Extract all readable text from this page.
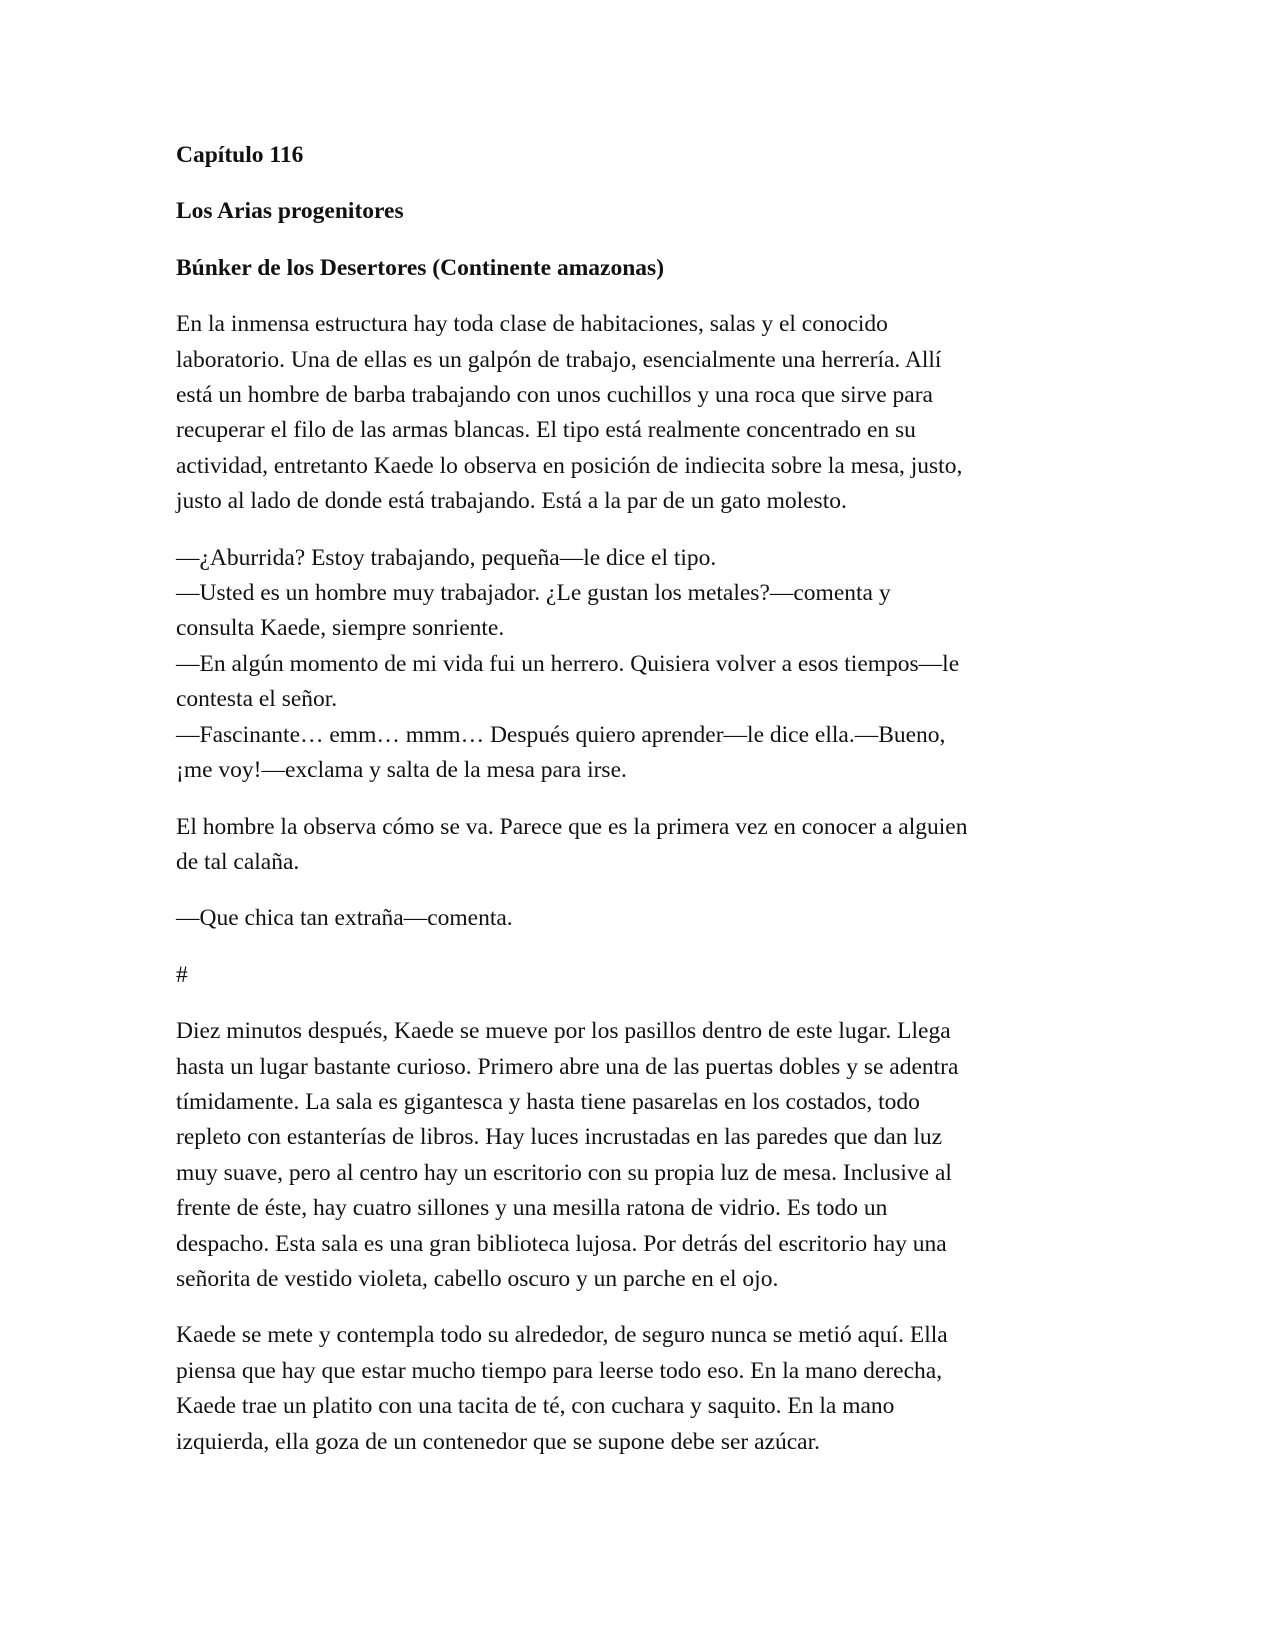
Capítulo 116
Los Arias progenitores
Búnker de los Desertores (Continente amazonas)
En la inmensa estructura hay toda clase de habitaciones, salas y el conocido
laboratorio. Una de ellas es un galpón de trabajo, esencialmente una herrería. Allí
está un hombre de barba trabajando con unos cuchillos y una roca que sirve para
recuperar el filo de las armas blancas. El tipo está realmente concentrado en su
actividad, entretanto Kaede lo observa en posición de indiecita sobre la mesa, justo,
justo al lado de donde está trabajando. Está a la par de un gato molesto.
—¿Aburrida? Estoy trabajando, pequeña—le dice el tipo.
—Usted es un hombre muy trabajador. ¿Le gustan los metales?—comenta y
consulta Kaede, siempre sonriente.
—En algún momento de mi vida fui un herrero. Quisiera volver a esos tiempos—le
contesta el señor.
—Fascinante… emm… mmm… Después quiero aprender—le dice ella.—Bueno,
¡me voy!—exclama y salta de la mesa para irse.
El hombre la observa cómo se va. Parece que es la primera vez en conocer a alguien
de tal calaña.
—Que chica tan extraña—comenta.
#
Diez minutos después, Kaede se mueve por los pasillos dentro de este lugar. Llega
hasta un lugar bastante curioso. Primero abre una de las puertas dobles y se adentra
tímidamente. La sala es gigantesca y hasta tiene pasarelas en los costados, todo
repleto con estanterías de libros. Hay luces incrustadas en las paredes que dan luz
muy suave, pero al centro hay un escritorio con su propia luz de mesa. Inclusive al
frente de éste, hay cuatro sillones y una mesilla ratona de vidrio. Es todo un
despacho. Esta sala es una gran biblioteca lujosa. Por detrás del escritorio hay una
señorita de vestido violeta, cabello oscuro y un parche en el ojo.
Kaede se mete y contempla todo su alrededor, de seguro nunca se metió aquí. Ella
piensa que hay que estar mucho tiempo para leerse todo eso. En la mano derecha,
Kaede trae un platito con una tacita de té, con cuchara y saquito. En la mano
izquierda, ella goza de un contenedor que se supone debe ser azúcar.
